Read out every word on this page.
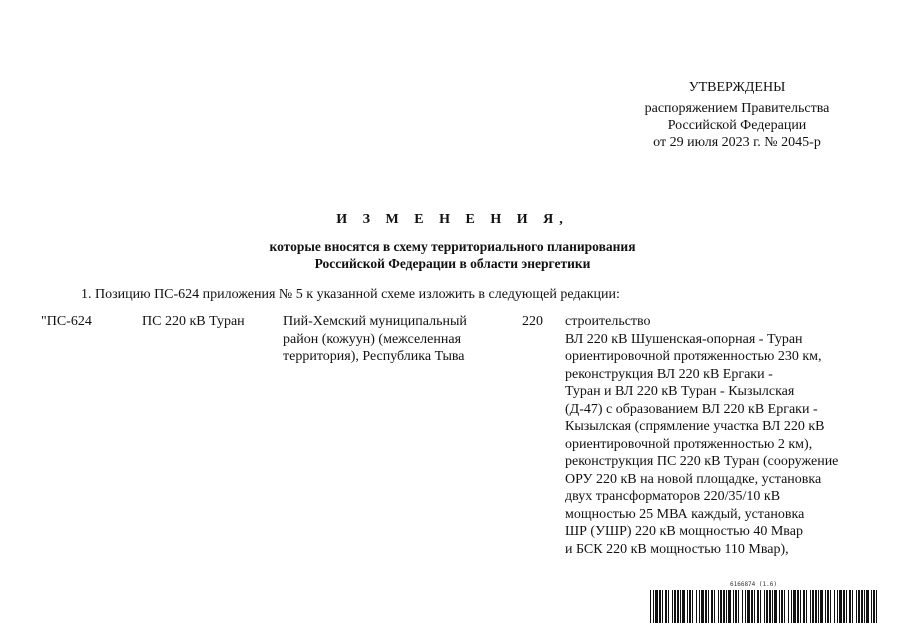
УТВЕРЖДЕНЫ
распоряжением Правительства
Российской Федерации
от 29 июля 2023 г. № 2045-р
И З М Е Н Е Н И Я,
которые вносятся в схему территориального планирования
Российской Федерации в области энергетики
1. Позицию ПС-624 приложения № 5 к указанной схеме изложить в следующей редакции:
"ПС-624	ПС 220 кВ Туран	Пий-Хемский муниципальный
район (кожуун) (межселенная
территория), Республика Тыва
220 строительство
ВЛ 220 кВ Шушенская-опорная - Туран
ориентировочной протяженностью 230 км,
реконструкция ВЛ 220 кВ Ергаки -
Туран и ВЛ 220 кВ Туран - Кызылская
(Д-47) с образованием ВЛ 220 кВ Ергаки -
Кызылская (спрямление участка ВЛ 220 кВ
ориентировочной протяженностью 2 км),
реконструкция ПС 220 кВ Туран (сооружение
ОРУ 220 кВ на новой площадке, установка
двух трансформаторов 220/35/10 кВ
мощностью 25 МВА каждый, установка
ШР (УШР) 220 кВ мощностью 40 Мвар
и БСК 220 кВ мощностью 110 Мвар),
6166874 (1.6)
